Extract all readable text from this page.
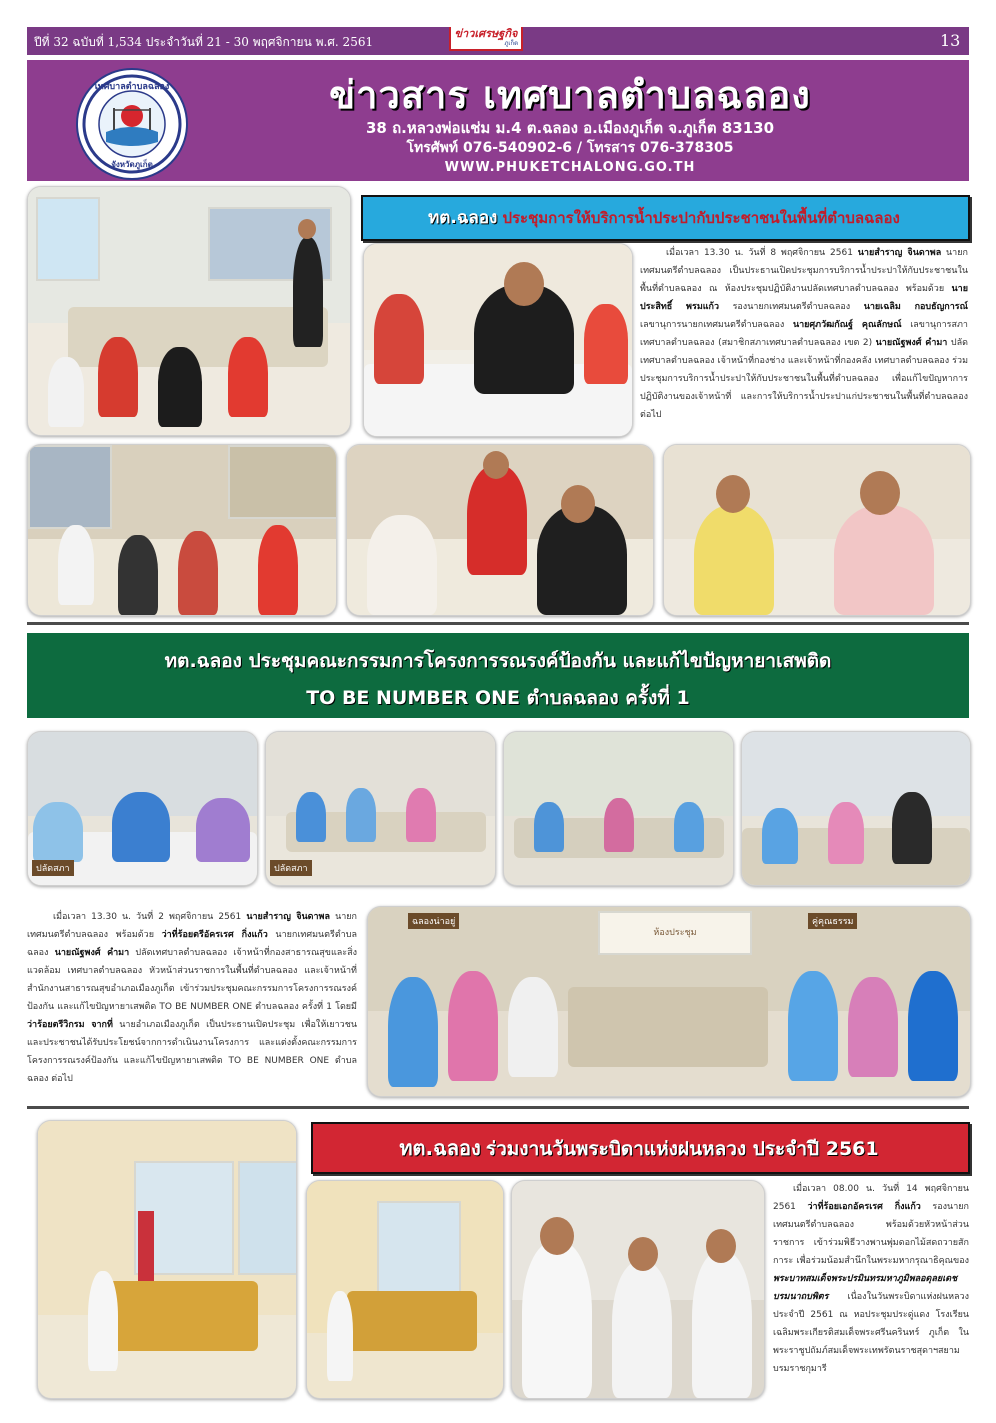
ปีที่ 32 ฉบับที่ 1,534 ประจำวันที่ 21 - 30 พฤศจิกายน พ.ศ. 2561
ข่าวเศรษฐกิจ
ภูเก็ต	13
เทศบาลตำบลฉลอง
จังหวัดภูเก็ต
ข่าวสาร เทศบาลตำบลฉลอง
38 ถ.หลวงพ่อแช่ม ม.4 ต.ฉลอง อ.เมืองภูเก็ต จ.ภูเก็ต 83130
โทรศัพท์ 076-540902-6 / โทรสาร 076-378305
WWW.PHUKETCHALONG.GO.TH
ทต.ฉลอง ประชุมการให้บริการน้ำประปากับประชาชนในพื้นที่ตำบลฉลอง
เมื่อเวลา 13.30 น. วันที่ 8 พฤศจิกายน 2561 นายสำราญ จินดาพล นายกเทศมนตรีตำบลฉลอง เป็นประธานเปิดประชุมการบริการน้ำประปาให้กับประชาชนในพื้นที่ตำบลฉลอง ณ ห้องประชุมปฏิบัติงานปลัดเทศบาลตำบลฉลอง พร้อมด้วย นายประสิทธิ์ พรมแก้ว รองนายกเทศมนตรีตำบลฉลอง นายเฉลิม กอบธัญการณ์ เลขานุการนายกเทศมนตรีตำบลฉลอง นายศุภวัฒกัณฐ์ คุณลักษณ์ เลขานุการสภาเทศบาลตำบลฉลอง (สมาชิกสภาเทศบาลตำบลฉลอง เขต 2) นายณัฐพงศ์ คำมา ปลัดเทศบาลตำบลฉลอง เจ้าหน้าที่กองช่าง และเจ้าหน้าที่กองคลัง เทศบาลตำบลฉลอง ร่วมประชุมการบริการน้ำประปาให้กับประชาชนในพื้นที่ตำบลฉลอง เพื่อแก้ไขปัญหาการปฏิบัติงานของเจ้าหน้าที่ และการให้บริการน้ำประปาแก่ประชาชนในพื้นที่ตำบลฉลองต่อไป
ทต.ฉลอง ประชุมคณะกรรมการโครงการรณรงค์ป้องกัน และแก้ไขปัญหายาเสพติด
TO BE NUMBER ONE ตำบลฉลอง ครั้งที่ 1
ปลัดสภา	ปลัดสภา
เมื่อเวลา 13.30 น. วันที่ 2 พฤศจิกายน 2561 นายสำราญ จินดาพล นายกเทศมนตรีตำบลฉลอง พร้อมด้วย ว่าที่ร้อยตรีอัครเรศ กิ่งแก้ว นายกเทศมนตรีตำบลฉลอง นายณัฐพงศ์ คำมา ปลัดเทศบาลตำบลฉลอง เจ้าหน้าที่กองสาธารณสุขและสิ่งแวดล้อม เทศบาลตำบลฉลอง หัวหน้าส่วนราชการในพื้นที่ตำบลฉลอง และเจ้าหน้าที่สำนักงานสาธารณสุขอำเภอเมืองภูเก็ต เข้าร่วมประชุมคณะกรรมการโครงการรณรงค์ป้องกัน และแก้ไขปัญหายาเสพติด TO BE NUMBER ONE ตำบลฉลอง ครั้งที่ 1 โดยมี ว่าร้อยตรีวิกรม จากที่ นายอำเภอเมืองภูเก็ต เป็นประธานเปิดประชุม เพื่อให้เยาวชน และประชาชนได้รับประโยชน์จากการดำเนินงานโครงการ และแต่งตั้งคณะกรรมการโครงการรณรงค์ป้องกัน และแก้ไขปัญหายาเสพติด TO BE NUMBER ONE ตำบลฉลอง ต่อไป
ห้องประชุม
ฉลองน่าอยู่	คู่คุณธรรม
ทต.ฉลอง ร่วมงานวันพระบิดาแห่งฝนหลวง ประจำปี 2561
เมื่อเวลา 08.00 น. วันที่ 14 พฤศจิกายน 2561 ว่าที่ร้อยเอกอัครเรศ กิ่งแก้ว รองนายกเทศมนตรีตำบลฉลอง พร้อมด้วยหัวหน้าส่วนราชการ เข้าร่วมพิธีวางพานพุ่มดอกไม้สดถวายสักการะ เพื่อร่วมน้อมสำนึกในพระมหากรุณาธิคุณของ พระบาทสมเด็จพระปรมินทรมหาภูมิพลอดุลยเดช บรมนาถบพิตร เนื่องในวันพระบิดาแห่งฝนหลวง ประจำปี 2561 ณ หอประชุมประดู่แดง โรงเรียนเฉลิมพระเกียรติสมเด็จพระศรีนครินทร์ ภูเก็ต ในพระราชูปถัมภ์สมเด็จพระเทพรัตนราชสุดาฯสยามบรมราชกุมารี
